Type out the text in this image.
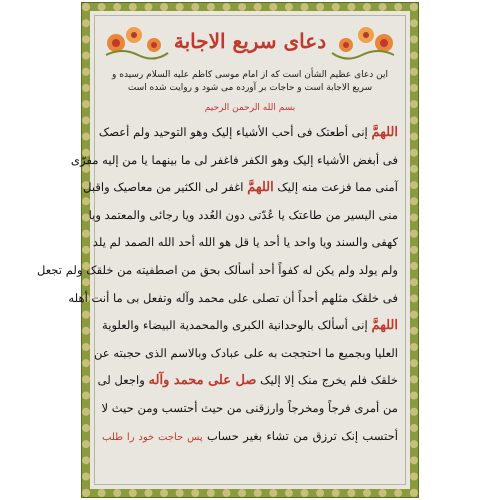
دعای سریع الاجابة
این دعای عظیم الشأن است که از امام موسی کاظم علیه السلام رسیده و سریع الاجابة است و حاجات بر آورده می شود و روایت شده است
بسم الله الرحمن الرحیم
اللهمَّ إنی أطعتک فی أحب الأشیاء إلیک وهو التوحید ولم أعصک
فی أبغض الأشیاء إلیک وهو الکفر فاغفر لی ما بینهما یا من إلیه مفرّی
آمنی مما فزعت منه إلیک اللهمَّ اغفر لی الکثیر من معاصیک واقبل
منی الیسیر من طاعتک یا عُدّتی دون العُدد ویا رجائی والمعتمد ویا
کهفی والسند ویا واحد یا أحد یا قل هو الله أحد الله الصمد لم یلد
ولم یولد ولم یکن له کفواً أحد أسألک بحق من اصطفیته من خلقک ولم تجعل
فی خلقک مثلهم أحداً أن تصلی علی محمد وآله وتفعل بی ما أنت أهله
اللهمَّ إنی أسألک بالوحدانیة الکبری والمحمدیة البیضاء والعلویة
العلیا وبجمیع ما احتججت به علی عبادک وبالاسم الذی حجبته عن
خلقک فلم یخرج منک إلا إلیک صل علی محمد وآله واجعل لی
من أمری فرجاً ومخرجاً وارزقنی من حیث أحتسب ومن حیث لا
أحتسب إنک ترزق من تشاء بغیر حساب پس حاجت خود را طلب
